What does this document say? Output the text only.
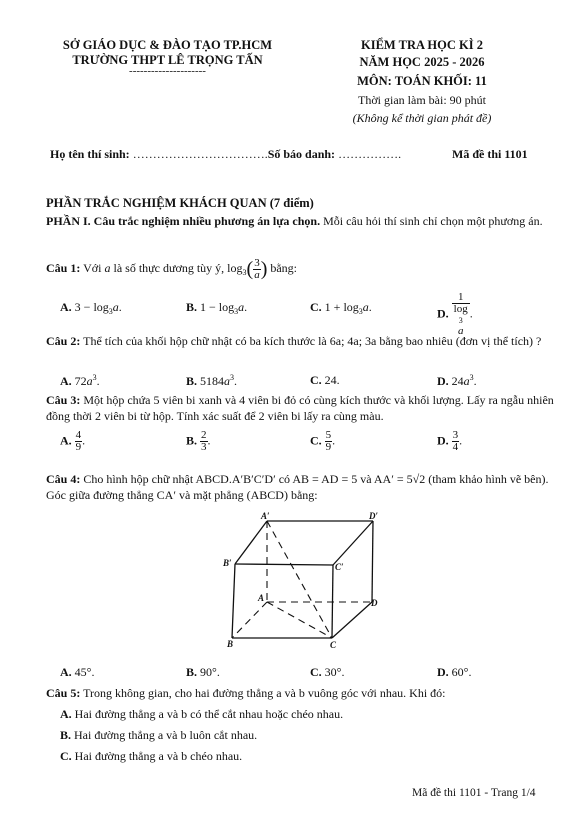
SỞ GIÁO DỤC & ĐÀO TẠO TP.HCM
TRƯỜNG THPT LÊ TRỌNG TẤN
---------------------
KIỂM TRA HỌC KÌ 2
NĂM HỌC 2025 - 2026
MÔN: TOÁN KHỐI: 11
Thời gian làm bài: 90 phút
(Không kể thời gian phát đề)
Họ tên thí sinh: …………………………….Số báo danh: …………….	Mã đề thi 1101
PHẦN TRẮC NGHIỆM KHÁCH QUAN (7 điểm)
PHẦN I. Câu trắc nghiệm nhiều phương án lựa chọn. Mỗi câu hỏi thí sinh chỉ chọn một phương án.
Câu 1: Với a là số thực dương tùy ý, $\log_3( \frac{3}{a}$ ) bằng:
A. $3 - \log_3a$.	B. $1 - \log_3a$.	C. $1 + \log_3a$.	D. 1
log
3
a .
Câu 2: Thể tích của khối hộp chữ nhật có ba kích thước là 6a; 4a; 3a bằng bao nhiêu (đơn vị thể tích) ?
A. $72a^3$.	B. $5184a^3$.	C. 24.	D. $24a^3$.
Câu 3: Một hộp chứa 5 viên bi xanh và 4 viên bi đỏ có cùng kích thước và khối lượng. Lấy ra ngẫu nhiên đồng thời 2 viên bi từ hộp. Tính xác suất để 2 viên bi lấy ra cùng màu.
A. $\frac{4}{9}$ .	B. $\frac{2}{3}$ .	C. $\frac{5}{9}$ .	D. $\frac{3}{4}$ .
Câu 4: Cho hình hộp chữ nhật ABCD.A′B′C′D′ có AB = AD = 5 và AA′ = 5√2 (tham khảo hình vẽ bên). Góc giữa đường thẳng CA′ và mặt phẳng (ABCD) bằng:
A′	D′
B′	C′
A	D
B	C
A. 45°.	B. 90°.	C. 30°.	D. 60°.
Câu 5: Trong không gian, cho hai đường thẳng a và b vuông góc với nhau. Khi đó:
A. Hai đường thẳng a và b có thể cắt nhau hoặc chéo nhau.
B. Hai đường thẳng a và b luôn cắt nhau.
C. Hai đường thẳng a và b chéo nhau.
Mã đề thi 1101 - Trang 1/4
